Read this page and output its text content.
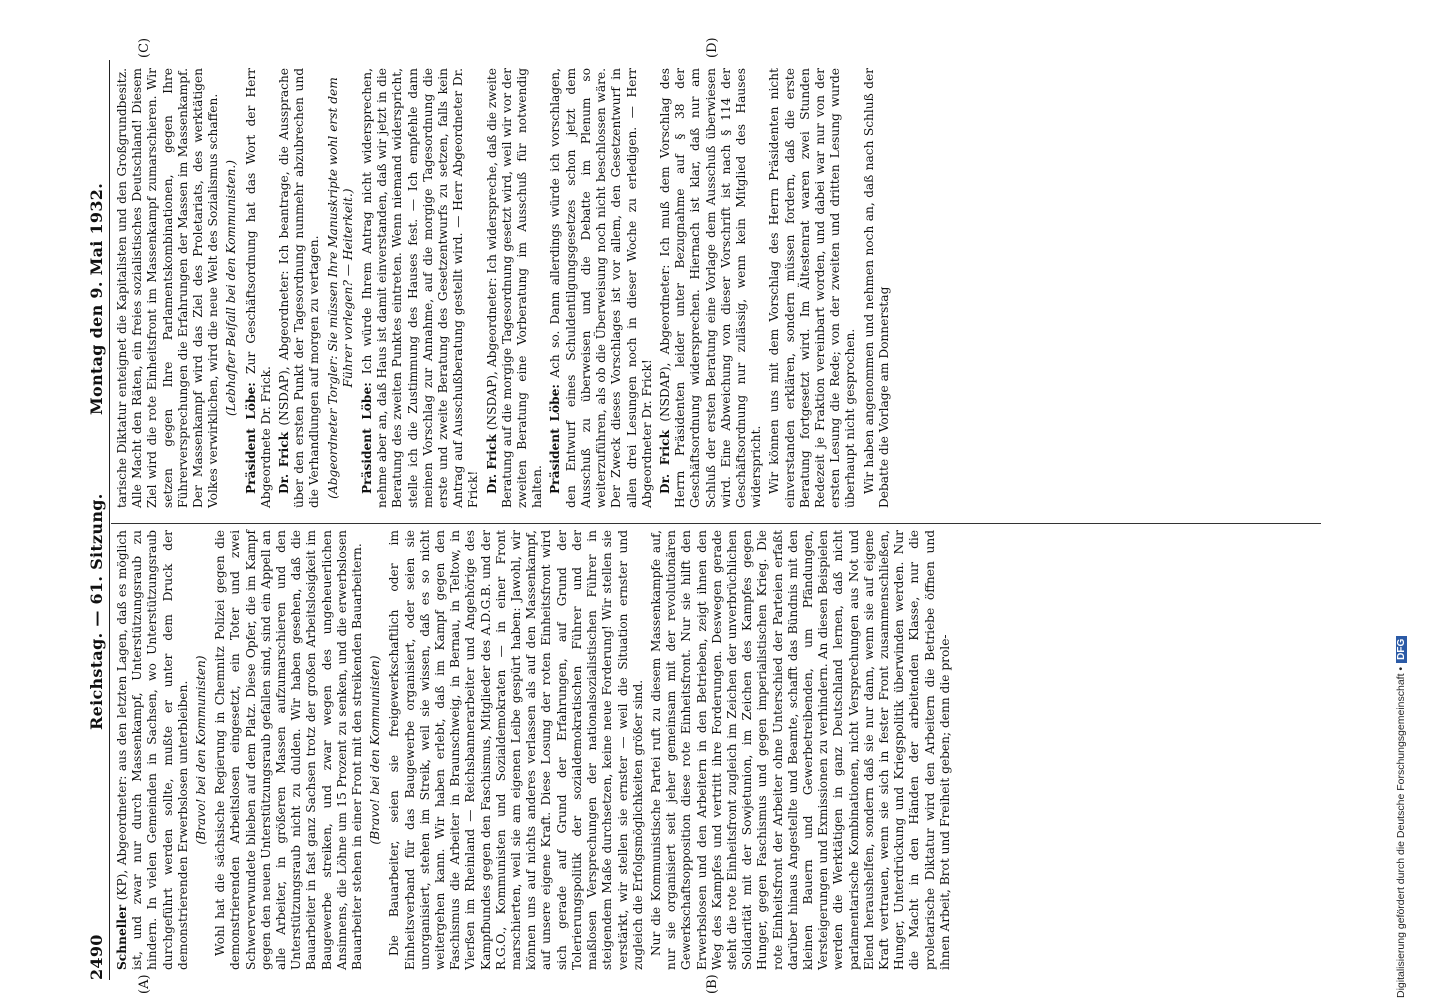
2490
Reichstag. — 61. Sitzung.
Montag den 9. Mai 1932.
(A)	(B)
(C)	(D)

Schneller (KP), Abgeordneter: aus den letzten Lagen, daß es möglich ist, und zwar nur durch Massenkampf, Unterstützungsraub zu hindern. In vielen Gemeinden in Sachsen, wo Unterstützungsraub durchgeführt werden sollte, mußte er unter dem Druck der demonstrierenden Erwerbslosen unterbleiben. (Bravo! bei den Kommunisten) Wohl hat die sächsische Regierung in Chemnitz Polizei gegen die demonstrierenden Arbeitslosen eingesetzt, ein Toter und zwei Schwerverwundete blieben auf dem Platz. Diese Opfer, die im Kampf gegen den neuen Unterstützungsraub gefallen sind, sind ein Appell an alle Arbeiter, in größeren Massen aufzumarschieren und den Unterstützungsraub nicht zu dulden. Wir haben gesehen, daß die Bauarbeiter in fast ganz Sachsen trotz der großen Arbeitslosigkeit im Baugewerbe streiken, und zwar wegen des ungeheuerlichen Ansinnens, die Löhne um 15 Prozent zu senken, und die erwerbslosen Bauarbeiter stehen in einer Front mit den streikenden Bauarbeitern. (Bravo! bei den Kommunisten) Die Bauarbeiter, seien sie freigewerkschaftlich oder im Einheitsverband für das Baugewerbe organisiert, oder seien sie unorganisiert, stehen im Streik, weil sie wissen, daß es so nicht weitergehen kann. Wir haben erlebt, daß im Kampf gegen den Faschismus die Arbeiter in Braunschweig, in Bernau, in Teltow, in Vierßen im Rheinland — Reichsbannerarbeiter und Angehörige des Kampfbundes gegen den Faschismus, Mitglieder des A.D.G.B. und der R.G.O., Kommunisten und Sozialdemokraten — in einer Front marschierten, weil sie am eigenen Leibe gespürt haben: Jawohl, wir können uns auf nichts anderes verlassen als auf den Massenkampf, auf unsere eigene Kraft. Diese Losung der roten Einheitsfront wird sich gerade auf Grund der Erfahrungen, auf Grund der Tolerierungspolitik der sozialdemokratischen Führer und der maßlosen Versprechungen der nationalsozialistischen Führer in steigendem Maße durchsetzen, keine neue Forderung! Wir stellen sie verstärkt, wir stellen sie ernster — weil die Situation ernster und zugleich die Erfolgsmöglichkeiten größer sind. Nur die Kommunistische Partei ruft zu diesem Massenkampfe auf, nur sie organisiert seit jeher gemeinsam mit der revolutionären Gewerkschaftsopposition diese rote Einheitsfront. Nur sie hilft den Erwerbslosen und den Arbeitern in den Betrieben, zeigt ihnen den Weg des Kampfes und vertritt ihre Forderungen. Deswegen gerade steht die rote Einheitsfront zugleich im Zeichen der unverbrüchlichen Solidarität mit der Sowjetunion, im Zeichen des Kampfes gegen Hunger, gegen Faschismus und gegen imperialistischen Krieg. Die rote Einheitsfront der Arbeiter ohne Unterschied der Parteien erfaßt darüber hinaus Angestellte und Beamte, schafft das Bündnis mit den kleinen Bauern und Gewerbetreibenden, um Pfändungen, Versteigerungen und Exmissionen zu verhindern. An diesen Beispielen werden die Werktätigen in ganz Deutschland lernen, daß nicht parlamentarische Kombinationen, nicht Versprechungen aus Not und Elend heraushelfen, sondern daß sie nur dann, wenn sie auf eigene Kraft vertrauen, wenn sie sich in fester Front zusammenschließen, Hunger, Unterdrückung und Kriegspolitik überwinden werden. Nur die Macht in den Händen der arbeitenden Klasse, nur die proletarische Diktatur wird den Arbeitern die Betriebe öffnen und ihnen Arbeit, Brot und Freiheit geben; denn die prole-

tarische Diktatur enteignet die Kapitalisten und den Großgrundbesitz. Alle Macht den Räten, ein freies sozialistisches Deutschland! Diesem Ziel wird die rote Einheitsfront im Massenkampf zumarschieren. Wir setzen gegen Ihre Parlamentskombinationen, gegen Ihre Führerversprechungen die Erfahrungen der Massen im Massenkampf. Der Massenkampf wird das Ziel des Proletariats, des werktätigen Volkes verwirklichen, wird die neue Welt des Sozialismus schaffen. (Lebhafter Beifall bei den Kommunisten.)

Präsident Löbe: Zur Geschäftsordnung hat das Wort der Herr Abgeordnete Dr. Frick. Dr. Frick (NSDAP), Abgeordneter: Ich beantrage, die Aussprache über den ersten Punkt der Tagesordnung nunmehr abzubrechen und die Verhandlungen auf morgen zu vertagen. (Abgeordneter Torgler: Sie müssen Ihre Manuskripte wohl erst dem Führer vorlegen? — Heiterkeit.)

Präsident Löbe: Ich würde Ihrem Antrag nicht widersprechen, nehme aber an, daß Haus ist damit einverstanden, daß wir jetzt in die Beratung des zweiten Punktes eintreten. Wenn niemand widerspricht, stelle ich die Zustimmung des Hauses fest. — Ich empfehle dann meinen Vorschlag zur Annahme, auf die morgige Tagesordnung die erste und zweite Beratung des Gesetzentwurfs zu setzen, falls kein Antrag auf Ausschußberatung gestellt wird. — Herr Abgeordneter Dr. Frick! Dr. Frick (NSDAP), Abgeordneter: Ich widerspreche, daß die zweite Beratung auf die morgige Tagesordnung gesetzt wird, weil wir vor der zweiten Beratung eine Vorberatung im Ausschuß für notwendig halten. Präsident Löbe: Ach so. Dann allerdings würde ich vorschlagen, den Entwurf eines Schuldentilgungsgesetzes schon jetzt dem Ausschuß zu überweisen und die Debatte im Plenum so weiterzuführen, als ob die Überweisung noch nicht beschlossen wäre. Der Zweck dieses Vorschlages ist vor allem, den Gesetzentwurf in allen drei Lesungen noch in dieser Woche zu erledigen. — Herr Abgeordneter Dr. Frick! Dr. Frick (NSDAP), Abgeordneter: Ich muß dem Vorschlag des Herrn Präsidenten leider unter Bezugnahme auf § 38 der Geschäftsordnung widersprechen. Hiernach ist klar, daß nur am Schluß der ersten Beratung eine Vorlage dem Ausschuß überwiesen wird. Eine Abweichung von dieser Vorschrift ist nach § 114 der Geschäftsordnung nur zulässig, wenn kein Mitglied des Hauses widerspricht. Wir können uns mit dem Vorschlag des Herrn Präsidenten nicht einverstanden erklären, sondern müssen fordern, daß die erste Beratung fortgesetzt wird. Im Ältestenrat waren zwei Stunden Redezeit je Fraktion vereinbart worden, und dabei war nur von der ersten Lesung die Rede; von der zweiten und dritten Lesung wurde überhaupt nicht gesprochen. Wir haben angenommen und nehmen noch an, daß nach Schluß der Debatte die Vorlage am Donnerstag

Digitalisierung gefördert durch die Deutsche Forschungsgemeinschaft •DFG
